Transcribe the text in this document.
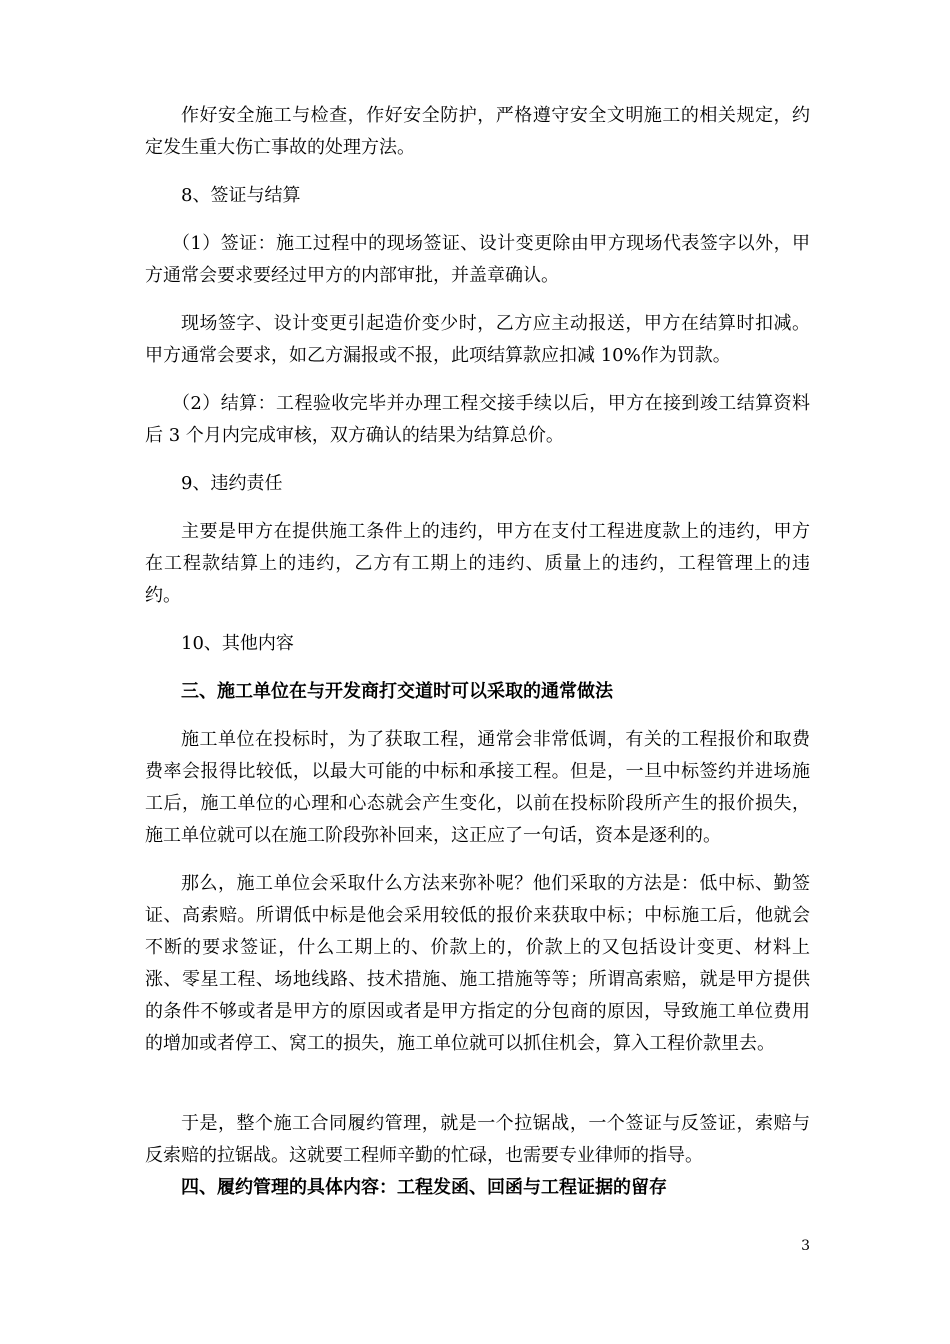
作好安全施工与检查，作好安全防护，严格遵守安全文明施工的相关规定，约定发生重大伤亡事故的处理方法。

8、签证与结算

（1）签证：施工过程中的现场签证、设计变更除由甲方现场代表签字以外，甲方通常会要求要经过甲方的内部审批，并盖章确认。

现场签字、设计变更引起造价变少时，乙方应主动报送，甲方在结算时扣减。甲方通常会要求，如乙方漏报或不报，此项结算款应扣减 10%作为罚款。

（2）结算：工程验收完毕并办理工程交接手续以后，甲方在接到竣工结算资料后 3 个月内完成审核，双方确认的结果为结算总价。

9、违约责任

主要是甲方在提供施工条件上的违约，甲方在支付工程进度款上的违约，甲方在工程款结算上的违约，乙方有工期上的违约、质量上的违约，工程管理上的违约。

10、其他内容

三、施工单位在与开发商打交道时可以采取的通常做法

施工单位在投标时，为了获取工程，通常会非常低调，有关的工程报价和取费费率会报得比较低，以最大可能的中标和承接工程。但是，一旦中标签约并进场施工后，施工单位的心理和心态就会产生变化，以前在投标阶段所产生的报价损失，施工单位就可以在施工阶段弥补回来，这正应了一句话，资本是逐利的。

那么，施工单位会采取什么方法来弥补呢？他们采取的方法是：低中标、勤签证、高索赔。所谓低中标是他会采用较低的报价来获取中标；中标施工后，他就会不断的要求签证，什么工期上的、价款上的，价款上的又包括设计变更、材料上涨、零星工程、场地线路、技术措施、施工措施等等；所谓高索赔，就是甲方提供的条件不够或者是甲方的原因或者是甲方指定的分包商的原因，导致施工单位费用的增加或者停工、窝工的损失，施工单位就可以抓住机会，算入工程价款里去。

于是，整个施工合同履约管理，就是一个拉锯战，一个签证与反签证，索赔与反索赔的拉锯战。这就要工程师辛勤的忙碌，也需要专业律师的指导。

四、履约管理的具体内容：工程发函、回函与工程证据的留存

3
